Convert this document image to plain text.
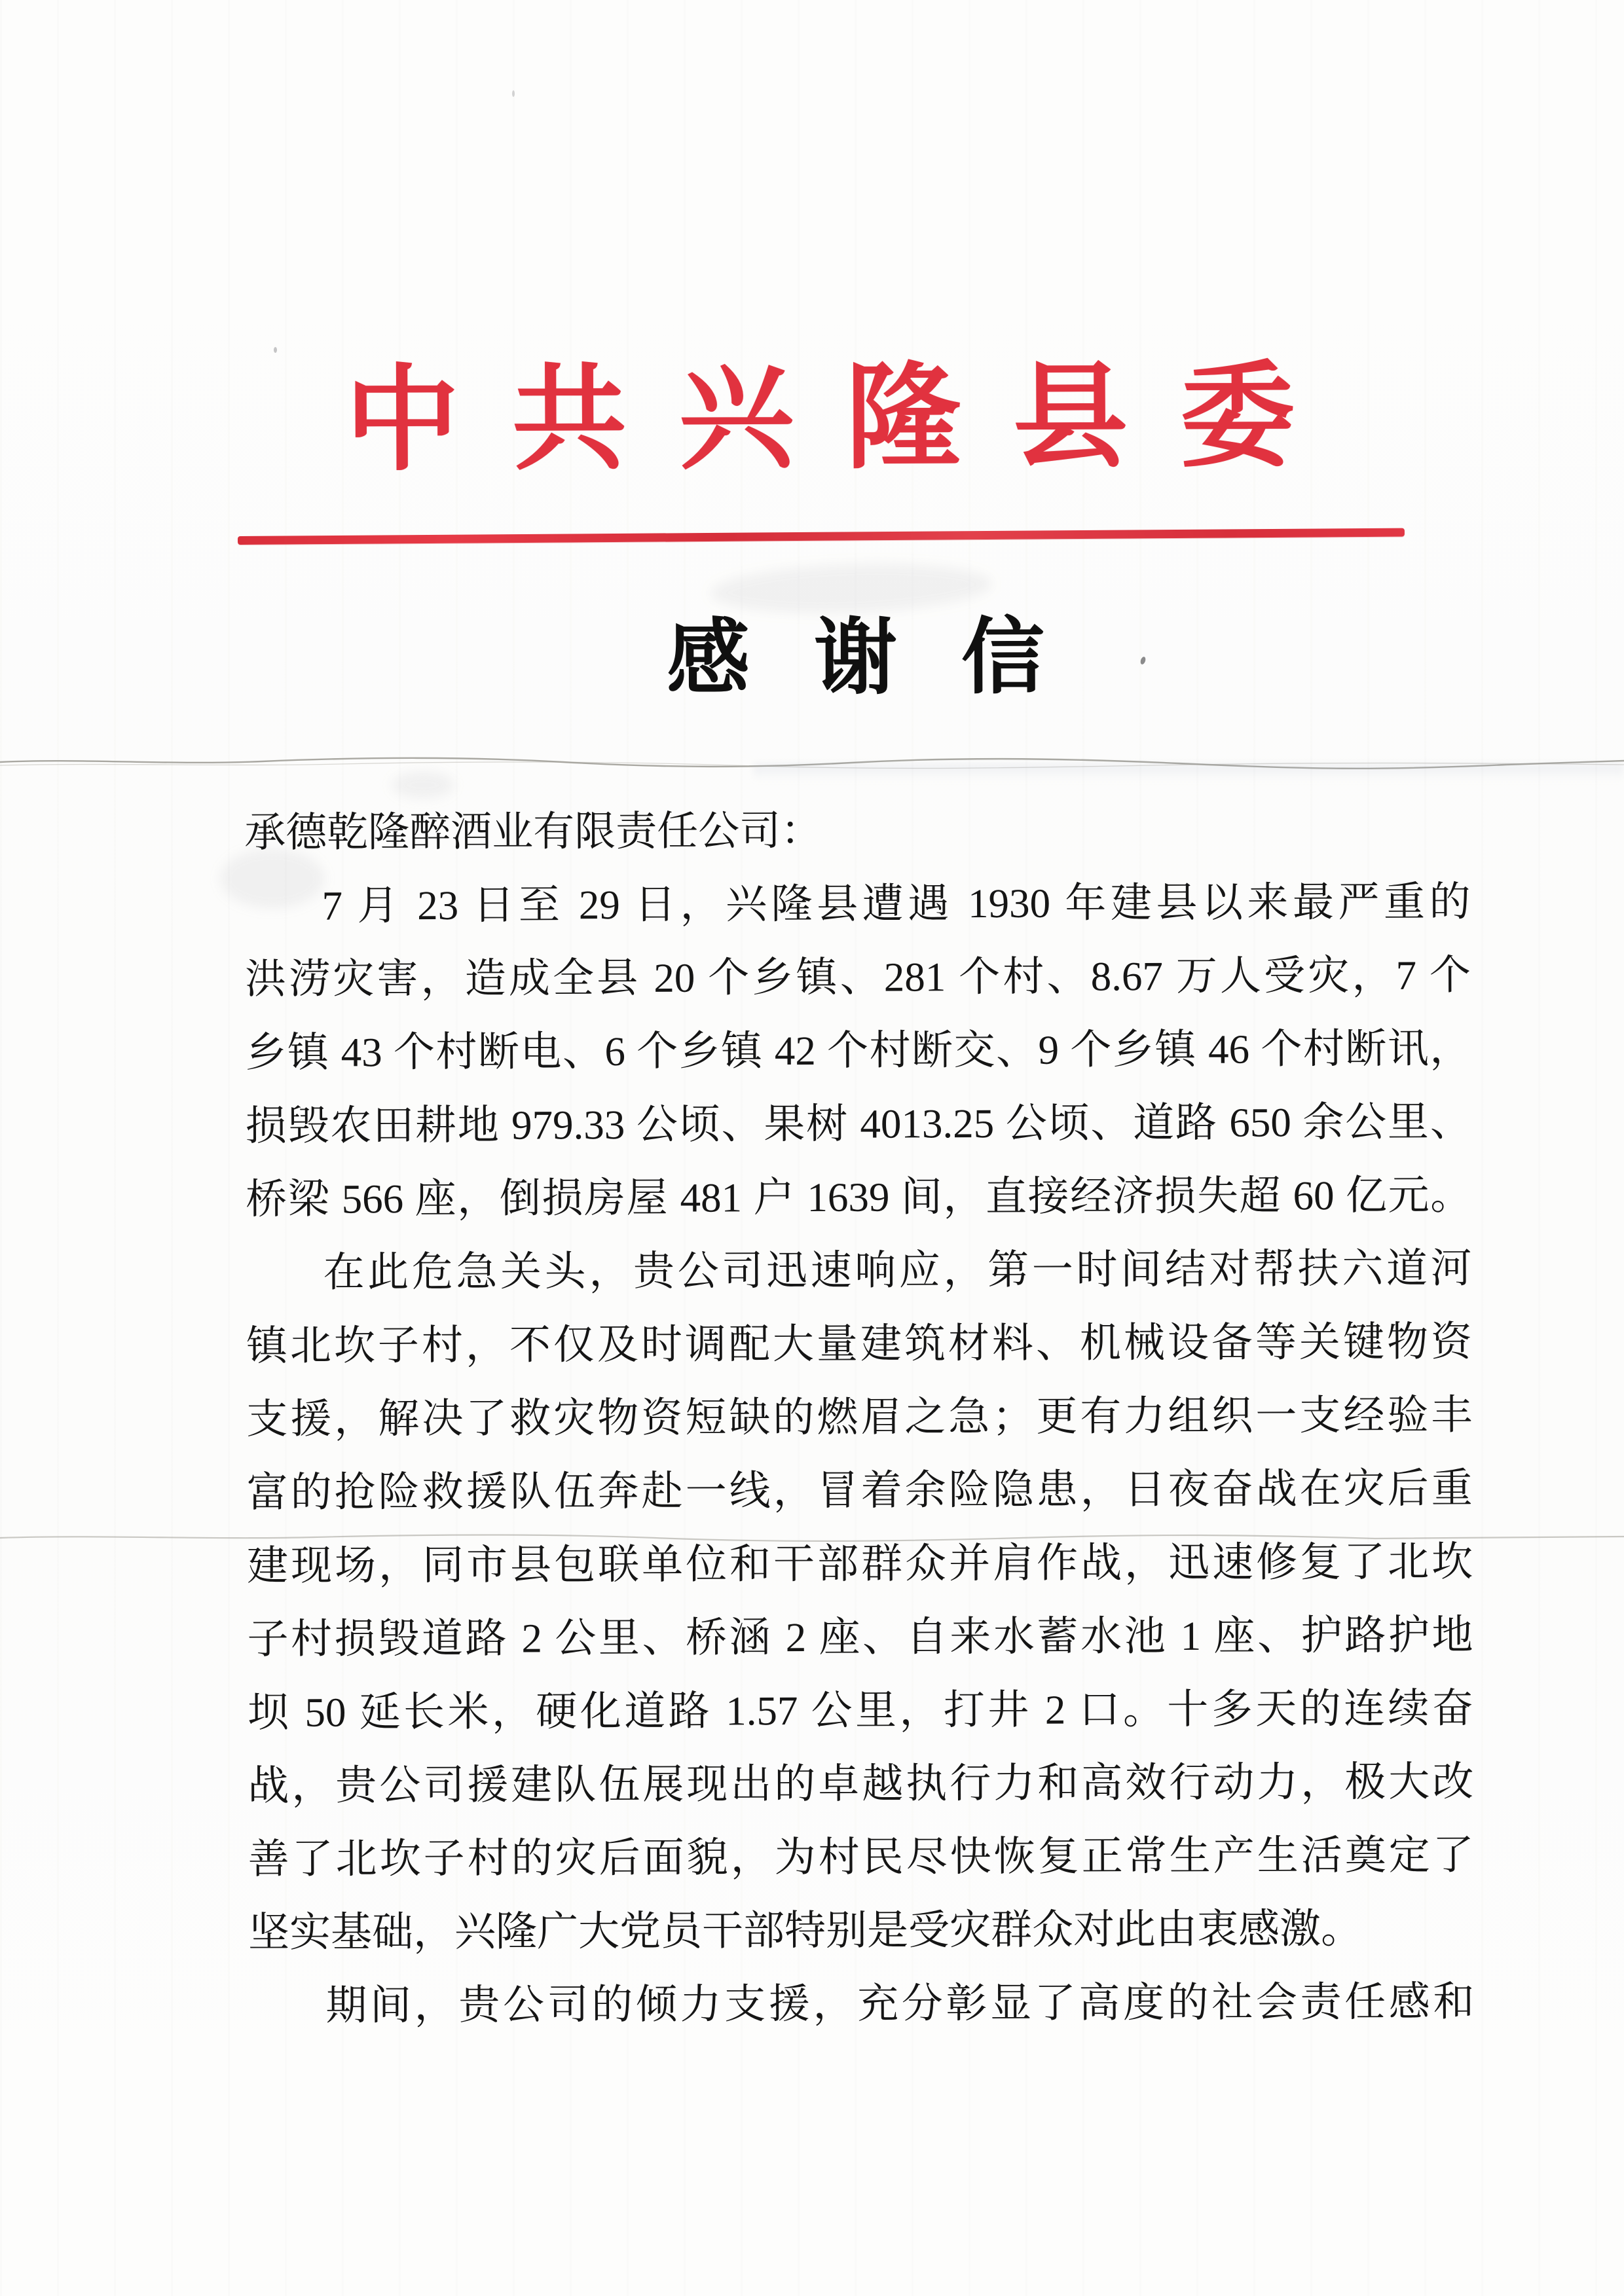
中共兴隆县委
感谢信
承德乾隆醉酒业有限责任公司：
7 月 23 日至 29 日，兴隆县遭遇 1930 年建县以来最严重的
洪涝灾害，造成全县 20 个乡镇、281 个村、8.67 万人受灾，7 个
乡镇 43 个村断电、6 个乡镇 42 个村断交、9 个乡镇 46 个村断讯，
损毁农田耕地 979.33 公顷、果树 4013.25 公顷、道路 650 余公里、
桥梁 566 座，倒损房屋 481 户 1639 间，直接经济损失超 60 亿元。
在此危急关头，贵公司迅速响应，第一时间结对帮扶六道河
镇北坎子村，不仅及时调配大量建筑材料、机械设备等关键物资
支援，解决了救灾物资短缺的燃眉之急；更有力组织一支经验丰
富的抢险救援队伍奔赴一线，冒着余险隐患，日夜奋战在灾后重
建现场，同市县包联单位和干部群众并肩作战，迅速修复了北坎
子村损毁道路 2 公里、桥涵 2 座、自来水蓄水池 1 座、护路护地
坝 50 延长米，硬化道路 1.57 公里，打井 2 口。十多天的连续奋
战，贵公司援建队伍展现出的卓越执行力和高效行动力，极大改
善了北坎子村的灾后面貌，为村民尽快恢复正常生产生活奠定了
坚实基础，兴隆广大党员干部特别是受灾群众对此由衷感激。
期间，贵公司的倾力支援，充分彰显了高度的社会责任感和
